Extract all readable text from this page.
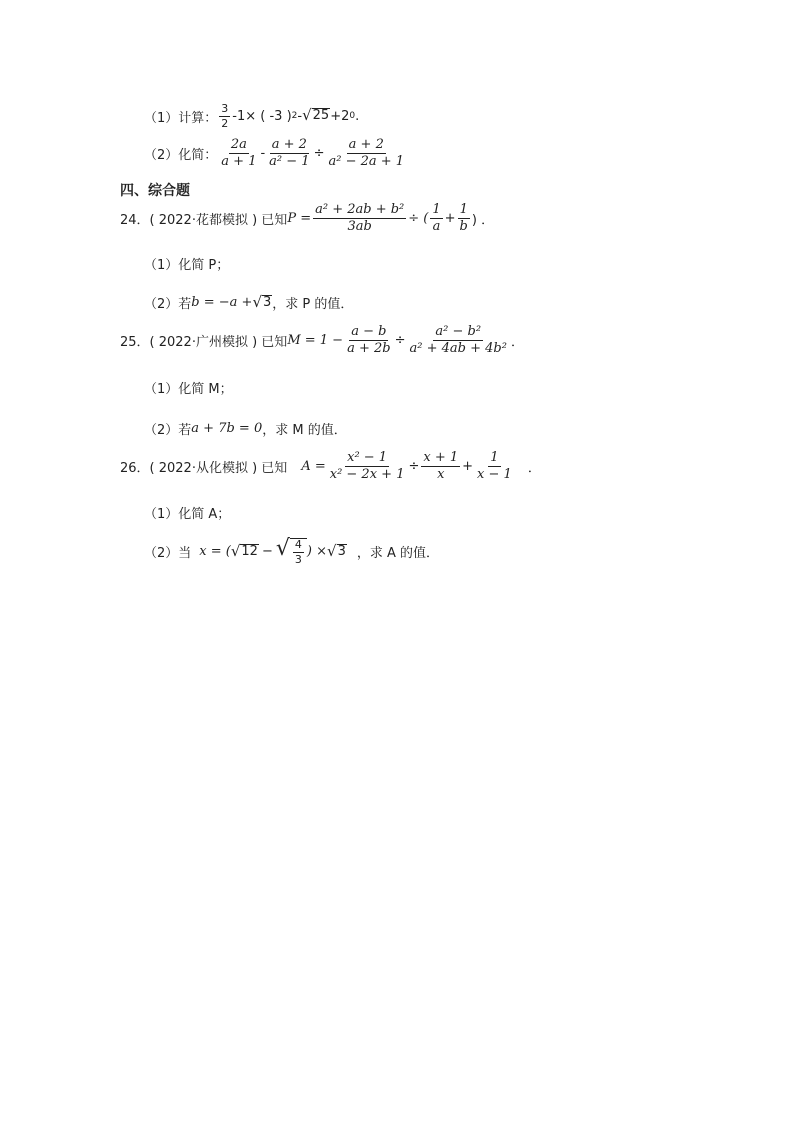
（1）计算： $\frac{3}{2} -1\times$ ( -3 ) 2 - √ 25 +2 0 .
（2）化简： $\frac{2a}{a + 1} - \frac{a + 2}{\text{a² − 1}} \div \frac{a + 2}{\text{a² − 2a + 1}}$
四、综合题
24．( 2022·花都模拟 ) 已知 $P = \frac{\text{a² + 2ab + b²}}{3ab}$ ÷ ( $\frac{1}{a} + \frac{1}{b}$ ) ．
（1）化简 P；
（2）若 b = −a + √ 3 ，求 P 的值．
25．( 2022·广州模拟 ) 已知 $M = 1 - \frac{a - b}{a + 2b} \div \frac{\text{a² − b²}}{\text{a² + 4ab + 4b²}}$ ．
（1）化简 M；
（2）若 a + 7b = 0 ，求 M 的值．
26．( 2022·从化模拟 ) 已知 $A = \frac{\text{x² − 1}}{\text{x² − 2x + 1}} \div \frac{x + 1}{x} + \frac{1}{x - 1}$ ．
（1）化简 A；
（2）当 x = ( √ 12 − √ $\frac{4}{3}$ ) × √ 3 ，求 A 的值．
